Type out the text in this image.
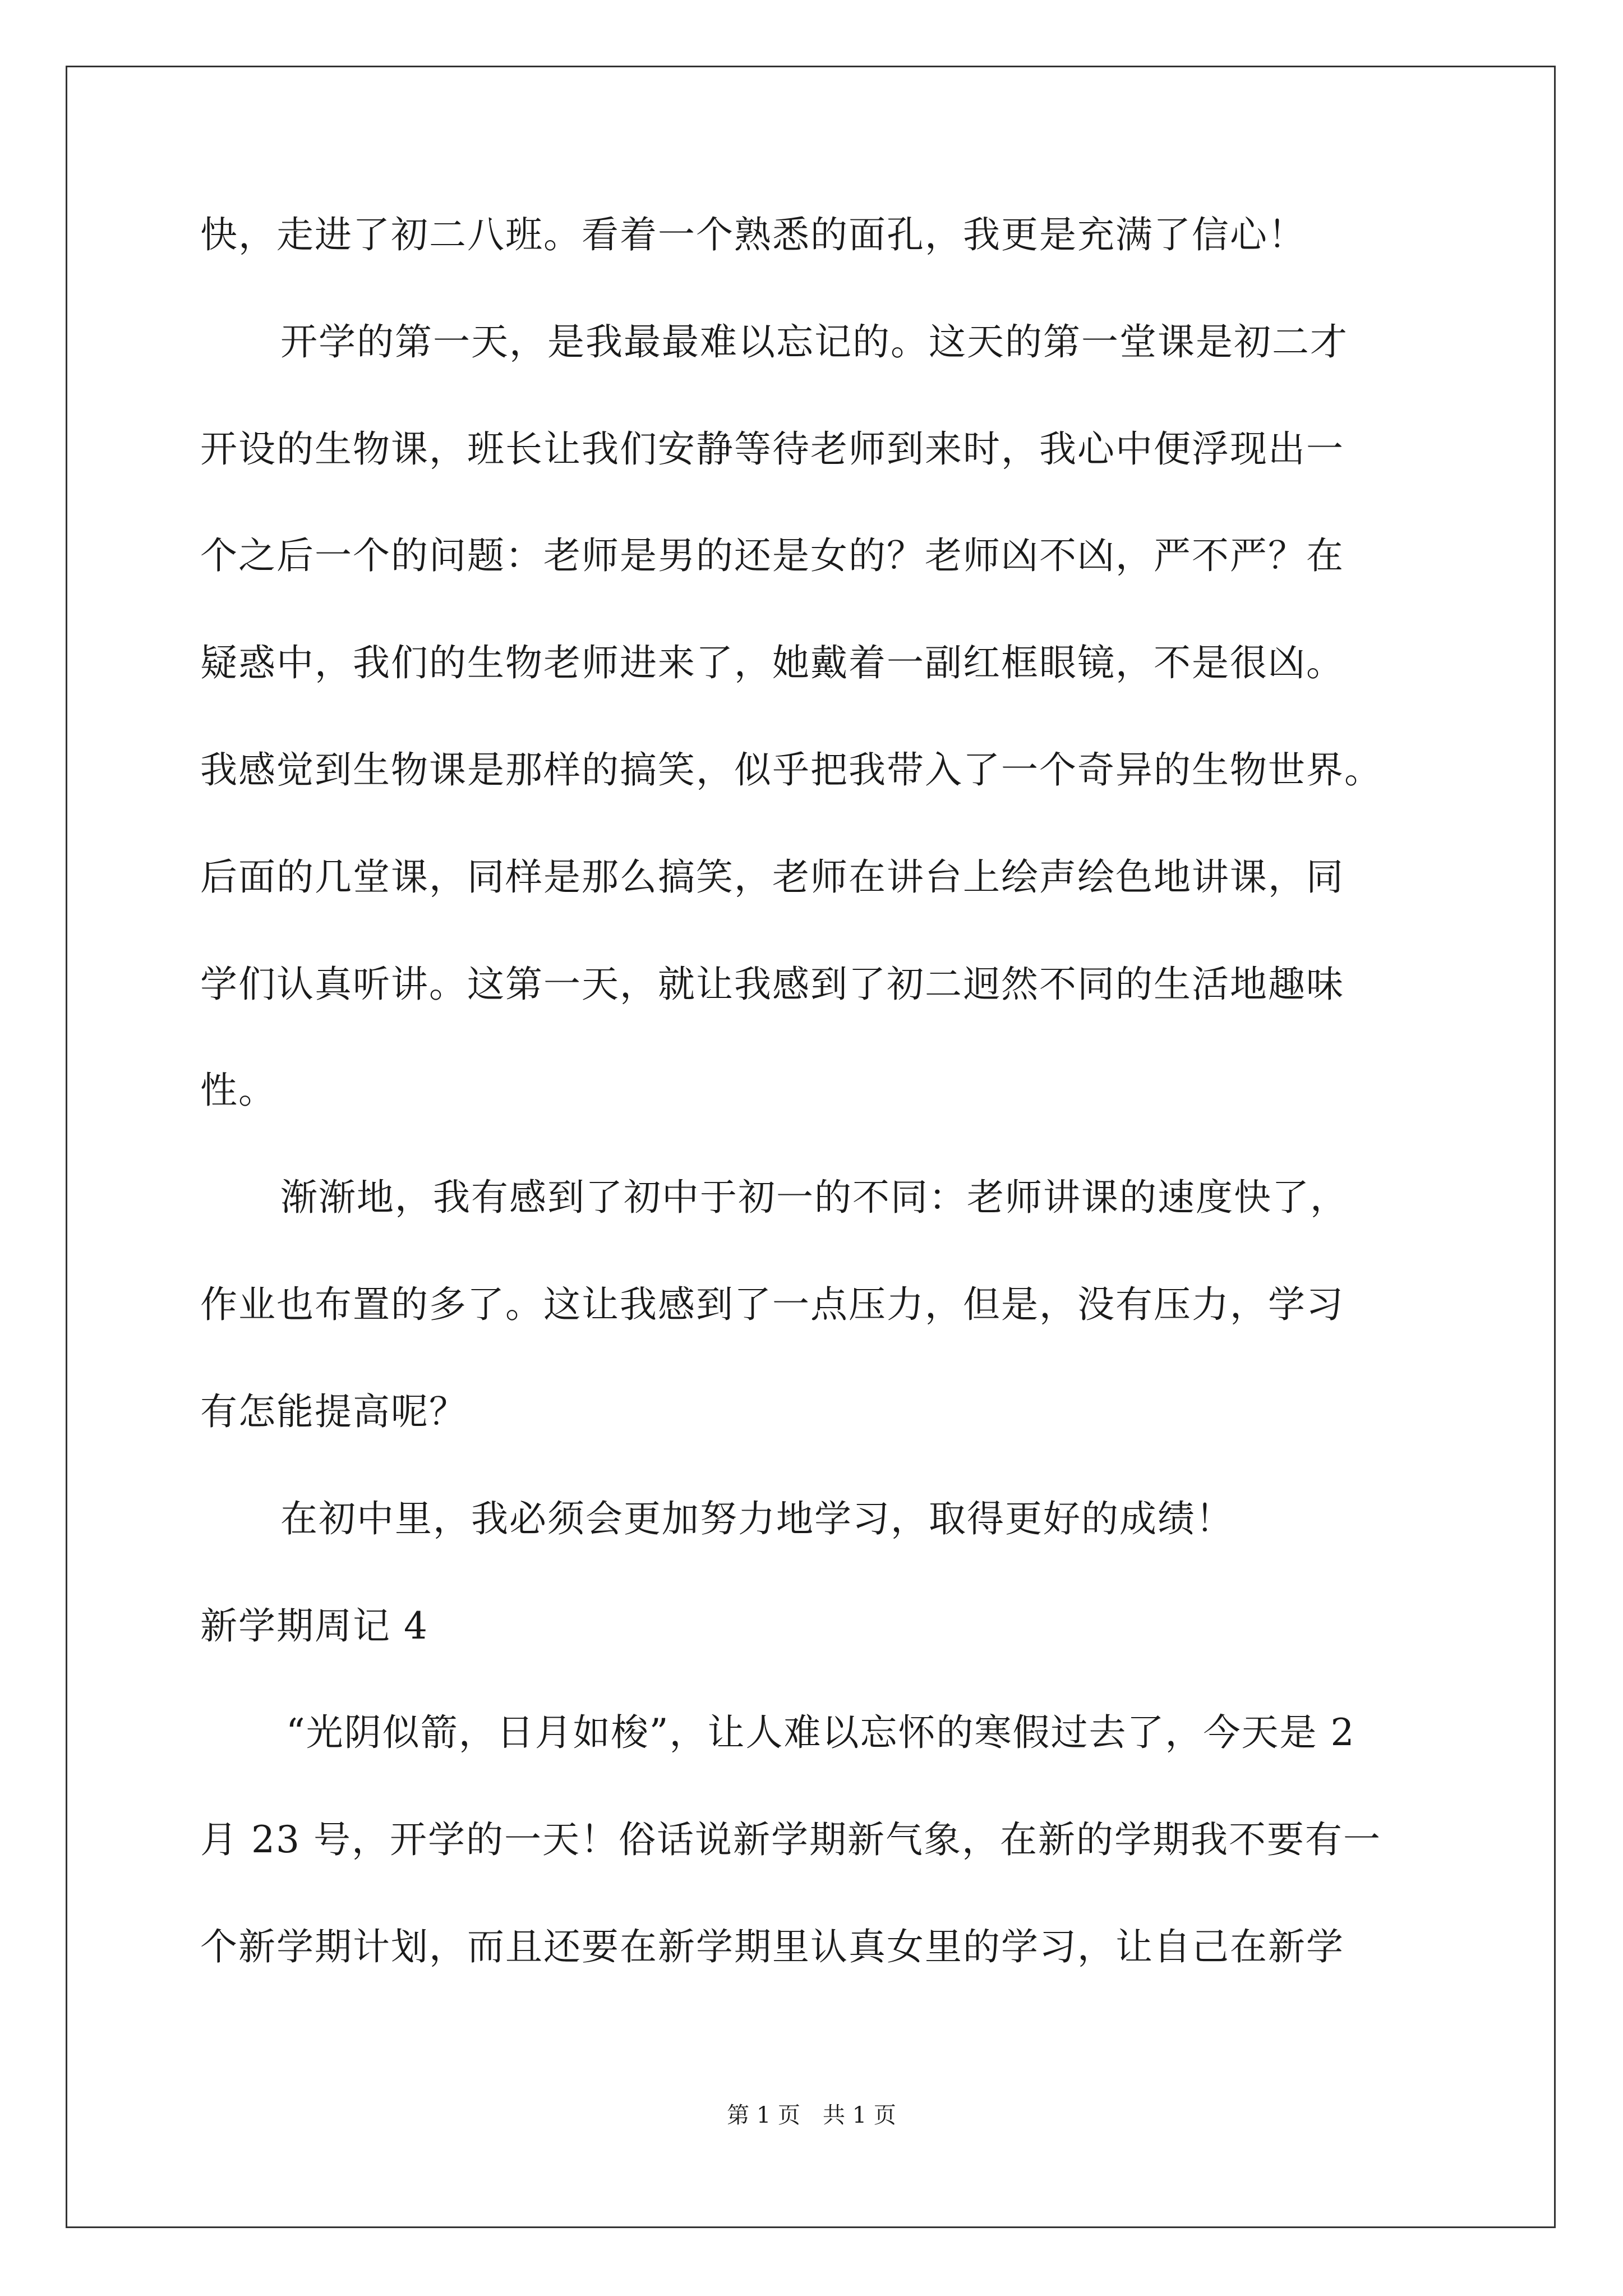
快，走进了初二八班。看着一个熟悉的面孔，我更是充满了信心！
开学的第一天，是我最最难以忘记的。这天的第一堂课是初二才
开设的生物课，班长让我们安静等待老师到来时，我心中便浮现出一
个之后一个的问题：老师是男的还是女的？老师凶不凶，严不严？在
疑惑中，我们的生物老师进来了，她戴着一副红框眼镜，不是很凶。
我感觉到生物课是那样的搞笑，似乎把我带入了一个奇异的生物世界。
后面的几堂课，同样是那么搞笑，老师在讲台上绘声绘色地讲课，同
学们认真听讲。这第一天，就让我感到了初二迥然不同的生活地趣味
性。
渐渐地，我有感到了初中于初一的不同：老师讲课的速度快了，
作业也布置的多了。这让我感到了一点压力，但是，没有压力，学习
有怎能提高呢？
在初中里，我必须会更加努力地学习，取得更好的成绩！
新学期周记 4
“光阴似箭，日月如梭”，让人难以忘怀的寒假过去了，今天是 2
月 23 号，开学的一天！俗话说新学期新气象，在新的学期我不要有一
个新学期计划，而且还要在新学期里认真女里的学习，让自己在新学
第 1 页　共 1 页
